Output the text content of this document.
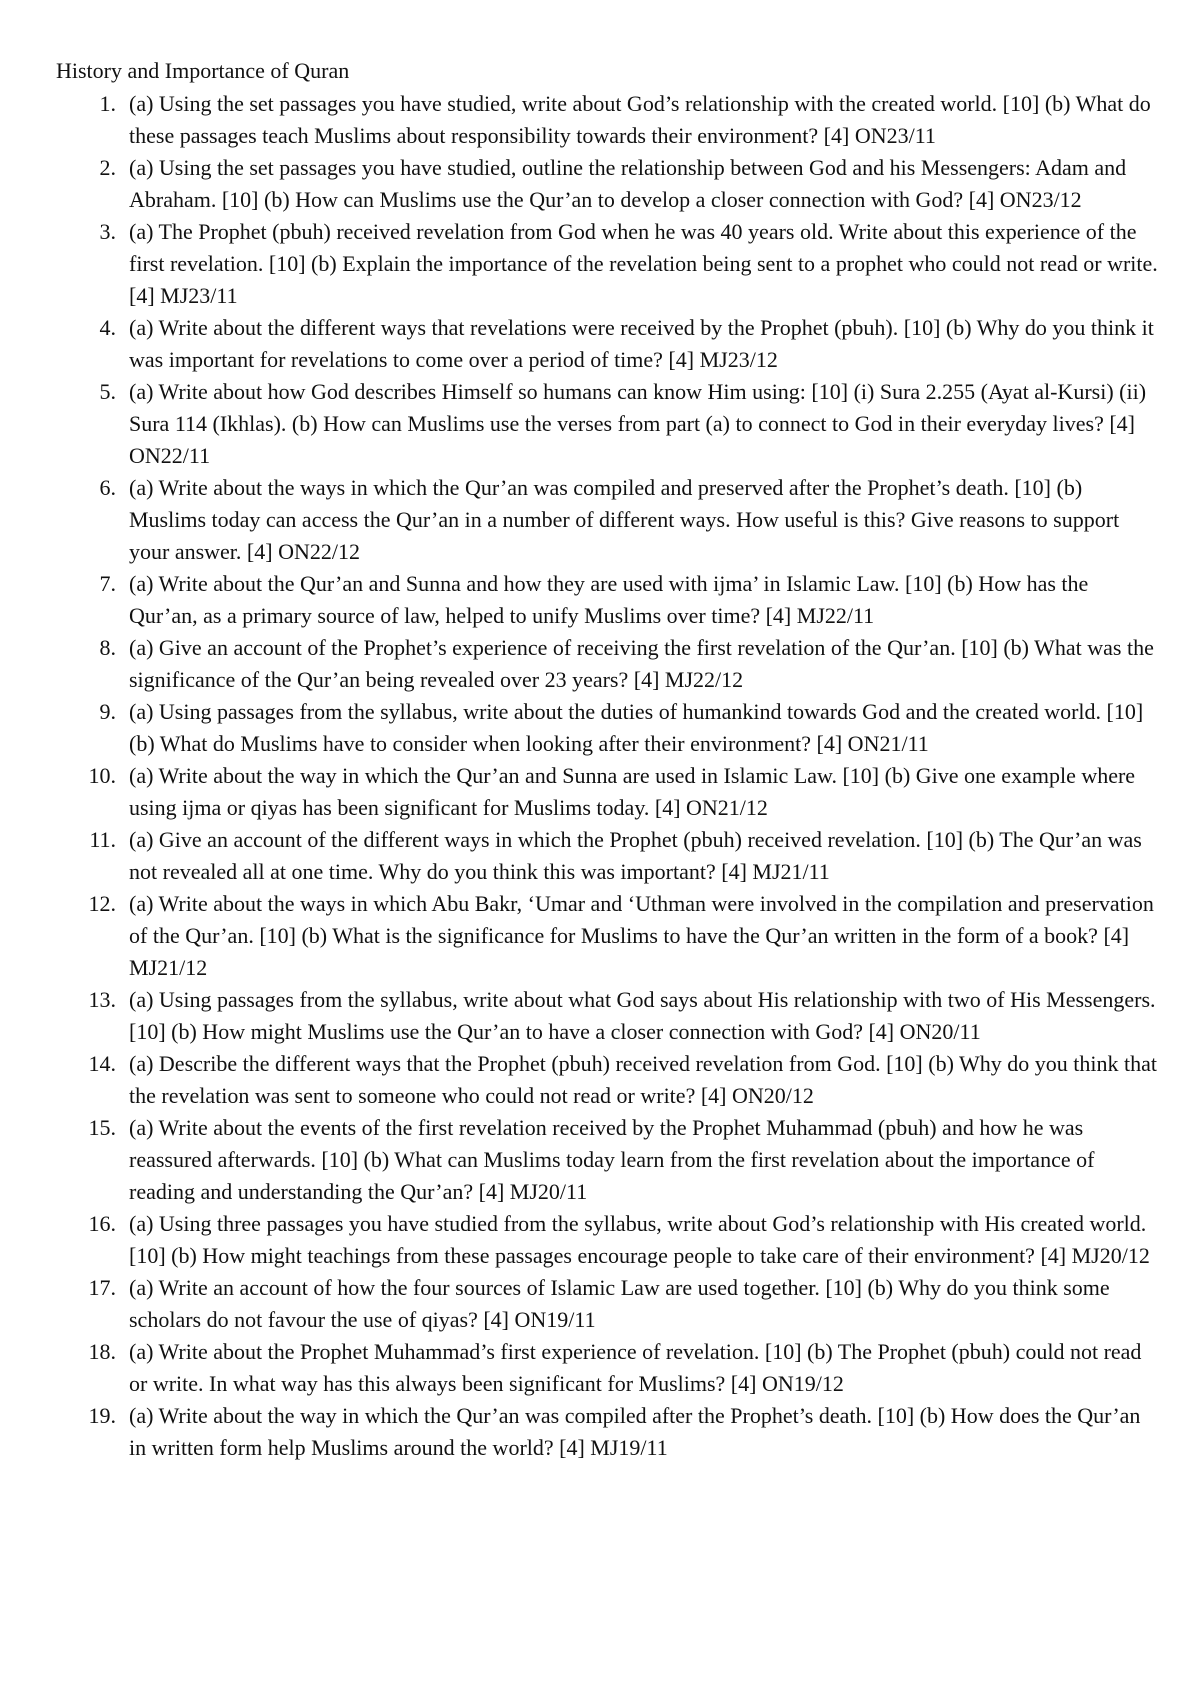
History and Importance of Quran
1. (a) Using the set passages you have studied, write about God’s relationship with the created world. [10] (b) What do these passages teach Muslims about responsibility towards their environment? [4] ON23/11
2. (a) Using the set passages you have studied, outline the relationship between God and his Messengers: Adam and Abraham. [10] (b) How can Muslims use the Qur’an to develop a closer connection with God? [4] ON23/12
3. (a) The Prophet (pbuh) received revelation from God when he was 40 years old. Write about this experience of the first revelation. [10] (b) Explain the importance of the revelation being sent to a prophet who could not read or write. [4] MJ23/11
4. (a) Write about the different ways that revelations were received by the Prophet (pbuh). [10] (b) Why do you think it was important for revelations to come over a period of time? [4] MJ23/12
5. (a) Write about how God describes Himself so humans can know Him using: [10] (i) Sura 2.255 (Ayat al-Kursi) (ii) Sura 114 (Ikhlas). (b) How can Muslims use the verses from part (a) to connect to God in their everyday lives? [4] ON22/11
6. (a) Write about the ways in which the Qur’an was compiled and preserved after the Prophet’s death. [10] (b) Muslims today can access the Qur’an in a number of different ways. How useful is this? Give reasons to support your answer. [4] ON22/12
7. (a) Write about the Qur’an and Sunna and how they are used with ijma’ in Islamic Law. [10] (b) How has the Qur’an, as a primary source of law, helped to unify Muslims over time? [4] MJ22/11
8. (a) Give an account of the Prophet’s experience of receiving the first revelation of the Qur’an. [10] (b) What was the significance of the Qur’an being revealed over 23 years? [4] MJ22/12
9. (a) Using passages from the syllabus, write about the duties of humankind towards God and the created world. [10] (b) What do Muslims have to consider when looking after their environment? [4] ON21/11
10. (a) Write about the way in which the Qur’an and Sunna are used in Islamic Law. [10] (b) Give one example where using ijma or qiyas has been significant for Muslims today. [4] ON21/12
11. (a) Give an account of the different ways in which the Prophet (pbuh) received revelation. [10] (b) The Qur’an was not revealed all at one time. Why do you think this was important? [4] MJ21/11
12. (a) Write about the ways in which Abu Bakr, ‘Umar and ‘Uthman were involved in the compilation and preservation of the Qur’an. [10] (b) What is the significance for Muslims to have the Qur’an written in the form of a book? [4] MJ21/12
13. (a) Using passages from the syllabus, write about what God says about His relationship with two of His Messengers. [10] (b) How might Muslims use the Qur’an to have a closer connection with God? [4] ON20/11
14. (a) Describe the different ways that the Prophet (pbuh) received revelation from God. [10] (b) Why do you think that the revelation was sent to someone who could not read or write? [4] ON20/12
15. (a) Write about the events of the first revelation received by the Prophet Muhammad (pbuh) and how he was reassured afterwards. [10] (b) What can Muslims today learn from the first revelation about the importance of reading and understanding the Qur’an? [4] MJ20/11
16. (a) Using three passages you have studied from the syllabus, write about God’s relationship with His created world. [10] (b) How might teachings from these passages encourage people to take care of their environment? [4] MJ20/12
17. (a) Write an account of how the four sources of Islamic Law are used together. [10] (b) Why do you think some scholars do not favour the use of qiyas? [4] ON19/11
18. (a) Write about the Prophet Muhammad’s first experience of revelation. [10] (b) The Prophet (pbuh) could not read or write. In what way has this always been significant for Muslims? [4] ON19/12
19. (a) Write about the way in which the Qur’an was compiled after the Prophet’s death. [10] (b) How does the Qur’an in written form help Muslims around the world? [4] MJ19/11
